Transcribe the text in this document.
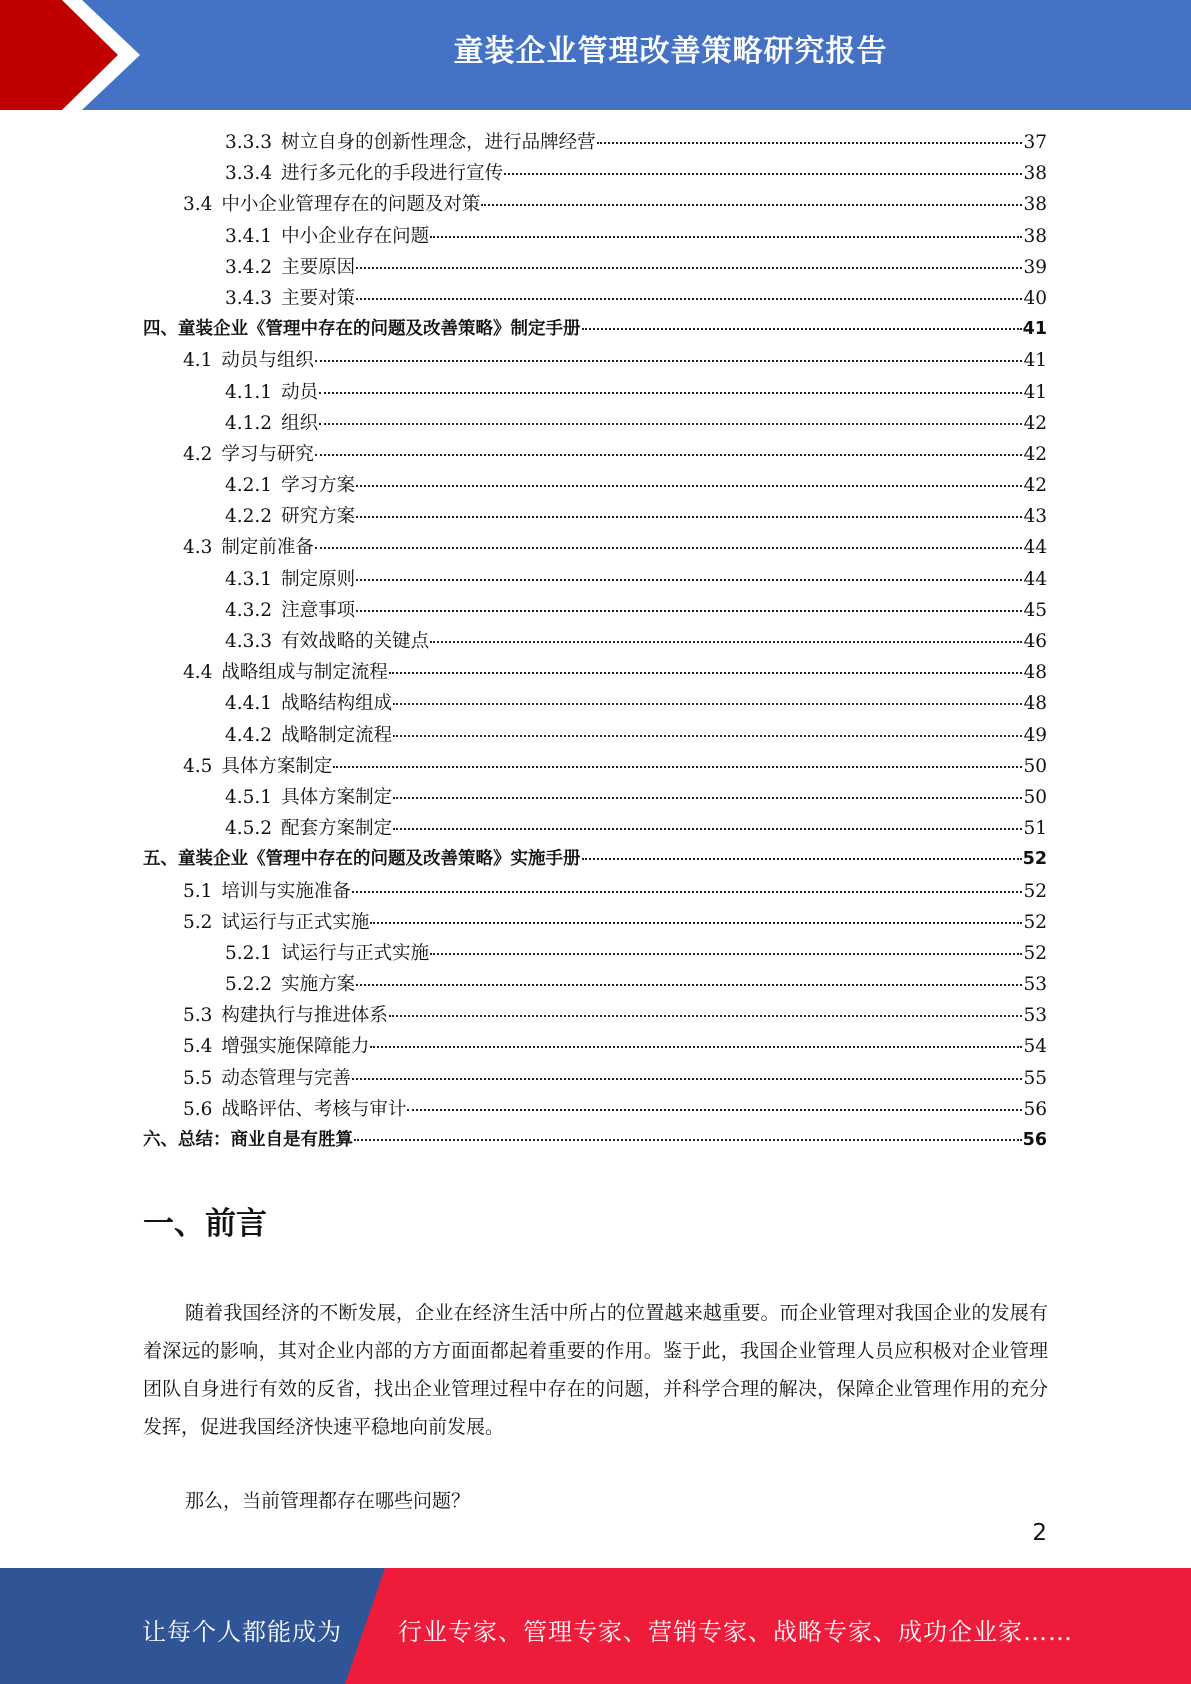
童装企业管理改善策略研究报告
3.3.3 树立自身的创新性理念，进行品牌经营	37
3.3.4 进行多元化的手段进行宣传	38
3.4 中小企业管理存在的问题及对策	38
3.4.1 中小企业存在问题	38
3.4.2 主要原因	39
3.4.3 主要对策	40
四、童装企业《管理中存在的问题及改善策略》制定手册	41
4.1 动员与组织	41
4.1.1 动员	41
4.1.2 组织	42
4.2 学习与研究	42
4.2.1 学习方案	42
4.2.2 研究方案	43
4.3 制定前准备	44
4.3.1 制定原则	44
4.3.2 注意事项	45
4.3.3 有效战略的关键点	46
4.4 战略组成与制定流程	48
4.4.1 战略结构组成	48
4.4.2 战略制定流程	49
4.5 具体方案制定	50
4.5.1 具体方案制定	50
4.5.2 配套方案制定	51
五、童装企业《管理中存在的问题及改善策略》实施手册	52
5.1 培训与实施准备	52
5.2 试运行与正式实施	52
5.2.1 试运行与正式实施	52
5.2.2 实施方案	53
5.3 构建执行与推进体系	53
5.4 增强实施保障能力	54
5.5 动态管理与完善	55
5.6 战略评估、考核与审计	56
六、总结：商业自是有胜算	56
一、前言
随着我国经济的不断发展，企业在经济生活中所占的位置越来越重要。而企业管理对我国企业的发展有着深远的影响，其对企业内部的方方面面都起着重要的作用。鉴于此，我国企业管理人员应积极对企业管理团队自身进行有效的反省，找出企业管理过程中存在的问题，并科学合理的解决，保障企业管理作用的充分发挥，促进我国经济快速平稳地向前发展。
那么，当前管理都存在哪些问题？
2
让每个人都能成为 行业专家、管理专家、营销专家、战略专家、成功企业家……
